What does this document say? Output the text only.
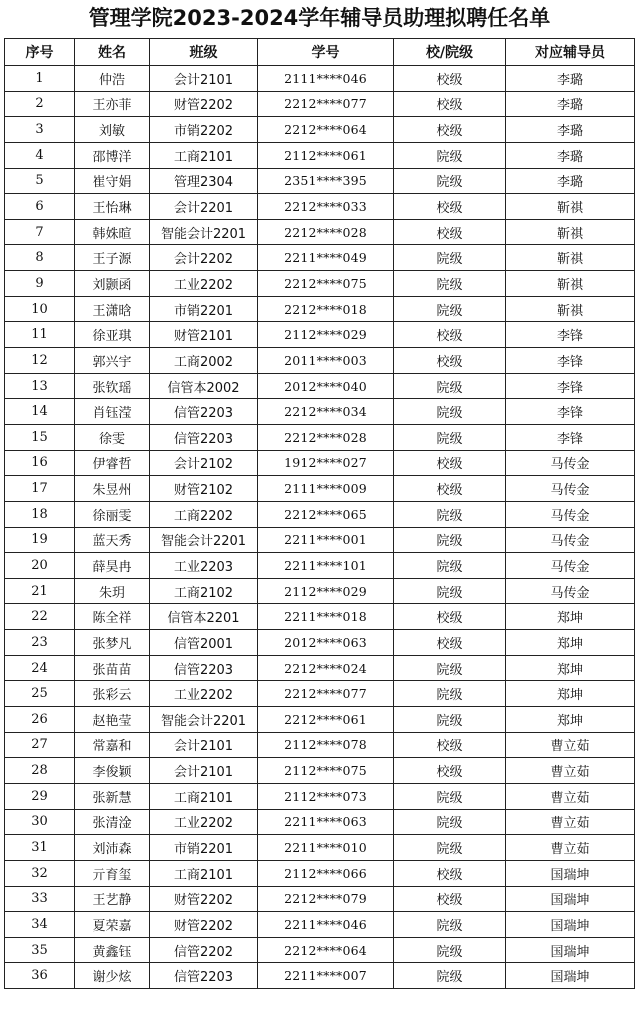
管理学院2023-2024学年辅导员助理拟聘任名单
序号	姓名	班级	学号	校/院级	对应辅导员
1	仲浩	会计2101	2111****046	校级	李璐
2	王亦菲	财管2202	2212****077	校级	李璐
3	刘敏	市销2202	2212****064	校级	李璐
4	邵博洋	工商2101	2112****061	院级	李璐
5	崔守娟	管理2304	2351****395	院级	李璐
6	王怡琳	会计2201	2212****033	校级	靳祺
7	韩姝暄	智能会计2201	2212****028	校级	靳祺
8	王子源	会计2202	2211****049	院级	靳祺
9	刘颢函	工业2202	2212****075	院级	靳祺
10	王潇晗	市销2201	2212****018	院级	靳祺
11	徐亚琪	财管2101	2112****029	校级	李锋
12	郭兴宇	工商2002	2011****003	校级	李锋
13	张钦瑶	信管本2002	2012****040	院级	李锋
14	肖钰滢	信管2203	2212****034	院级	李锋
15	徐雯	信管2203	2212****028	院级	李锋
16	伊睿哲	会计2102	1912****027	校级	马传金
17	朱昱州	财管2102	2111****009	校级	马传金
18	徐丽雯	工商2202	2212****065	院级	马传金
19	蓝天秀	智能会计2201	2211****001	院级	马传金
20	薛昊冉	工业2203	2211****101	院级	马传金
21	朱玥	工商2102	2112****029	院级	马传金
22	陈全祥	信管本2201	2211****018	校级	郑坤
23	张梦凡	信管2001	2012****063	校级	郑坤
24	张苗苗	信管2203	2212****024	院级	郑坤
25	张彩云	工业2202	2212****077	院级	郑坤
26	赵艳莹	智能会计2201	2212****061	院级	郑坤
27	常嘉和	会计2101	2112****078	校级	曹立茹
28	李俊颖	会计2101	2112****075	校级	曹立茹
29	张新慧	工商2101	2112****073	院级	曹立茹
30	张清淦	工业2202	2211****063	院级	曹立茹
31	刘沛森	市销2201	2211****010	院级	曹立茹
32	亓育玺	工商2101	2112****066	校级	国瑞坤
33	王艺静	财管2202	2212****079	校级	国瑞坤
34	夏荣嘉	财管2202	2211****046	院级	国瑞坤
35	黄鑫钰	信管2202	2212****064	院级	国瑞坤
36	谢少炫	信管2203	2211****007	院级	国瑞坤
